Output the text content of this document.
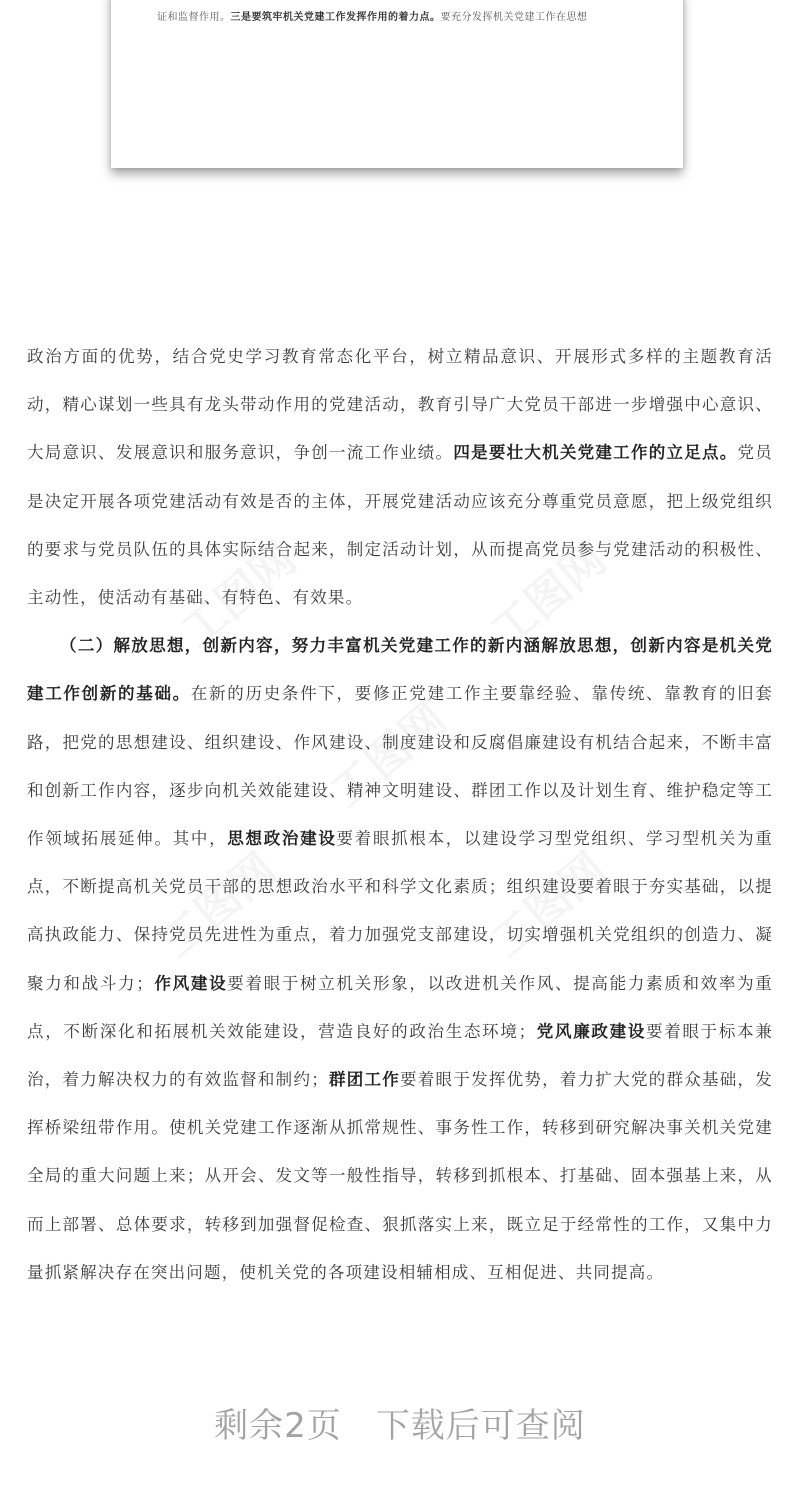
证和监督作用。三是要筑牢机关党建工作发挥作用的着力点。要充分发挥机关党建工作在思想

政治方面的优势，结合党史学习教育常态化平台，树立精品意识、开展形式多样的主题教育活动，精心谋划一些具有龙头带动作用的党建活动，教育引导广大党员干部进一步增强中心意识、大局意识、发展意识和服务意识，争创一流工作业绩。四是要壮大机关党建工作的立足点。党员是决定开展各项党建活动有效是否的主体，开展党建活动应该充分尊重党员意愿，把上级党组织的要求与党员队伍的具体实际结合起来，制定活动计划，从而提高党员参与党建活动的积极性、主动性，使活动有基础、有特色、有效果。

（二）解放思想，创新内容，努力丰富机关党建工作的新内涵解放思想，创新内容是机关党建工作创新的基础。在新的历史条件下，要修正党建工作主要靠经验、靠传统、靠教育的旧套路，把党的思想建设、组织建设、作风建设、制度建设和反腐倡廉建设有机结合起来，不断丰富和创新工作内容，逐步向机关效能建设、精神文明建设、群团工作以及计划生育、维护稳定等工作领域拓展延伸。其中，思想政治建设要着眼抓根本，以建设学习型党组织、学习型机关为重点，不断提高机关党员干部的思想政治水平和科学文化素质；组织建设要着眼于夯实基础，以提高执政能力、保持党员先进性为重点，着力加强党支部建设，切实增强机关党组织的创造力、凝聚力和战斗力；作风建设要着眼于树立机关形象，以改进机关作风、提高能力素质和效率为重点，不断深化和拓展机关效能建设，营造良好的政治生态环境；党风廉政建设要着眼于标本兼治，着力解决权力的有效监督和制约；群团工作要着眼于发挥优势，着力扩大党的群众基础，发挥桥梁纽带作用。使机关党建工作逐渐从抓常规性、事务性工作，转移到研究解决事关机关党建全局的重大问题上来；从开会、发文等一般性指导，转移到抓根本、打基础、固本强基上来，从而上部署、总体要求，转移到加强督促检查、狠抓落实上来，既立足于经常性的工作，又集中力量抓紧解决存在突出问题，使机关党的各项建设相辅相成、互相促进、共同提高。

剩余2页 下载后可查阅
